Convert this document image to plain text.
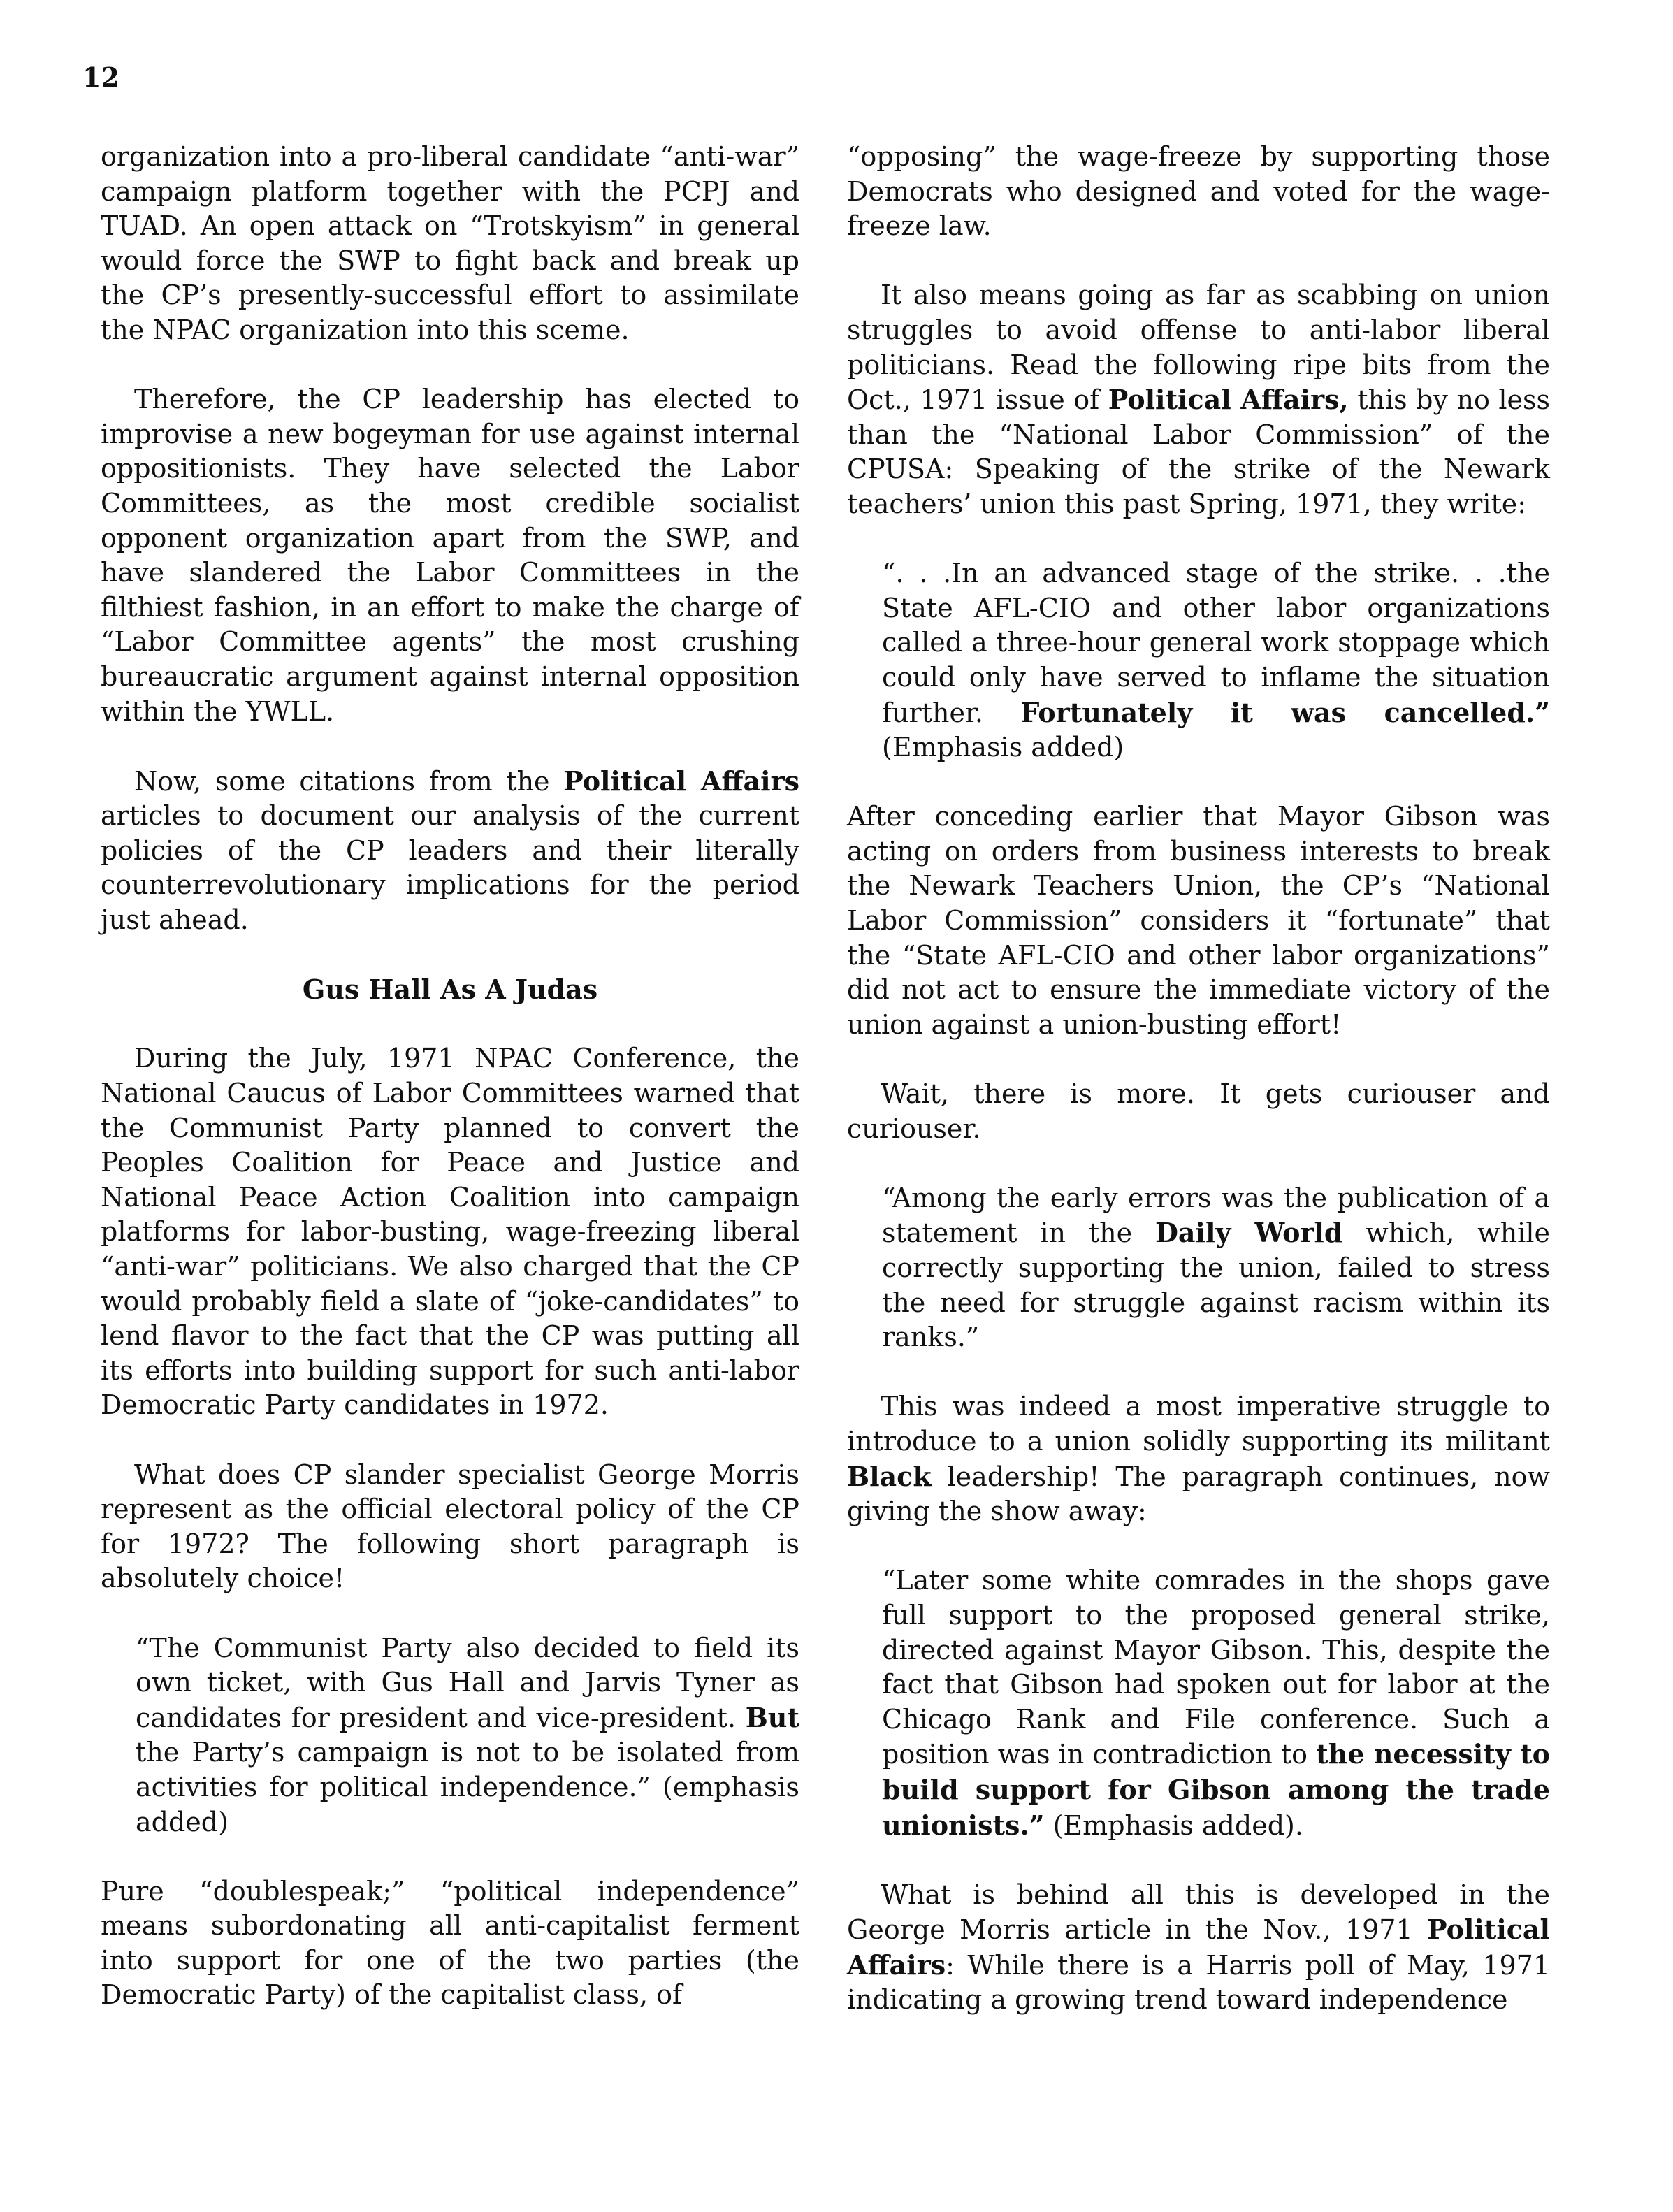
12

organization into a pro-liberal candidate “anti-war” campaign platform together with the PCPJ and TUAD. An open attack on “Trotskyism” in general would force the SWP to fight back and break up the CP’s presently-successful effort to assimilate the NPAC organization into this sceme.

Therefore, the CP leadership has elected to improvise a new bogeyman for use against internal oppositionists. They have selected the Labor Committees, as the most credible socialist opponent organization apart from the SWP, and have slandered the Labor Committees in the filthiest fashion, in an effort to make the charge of “Labor Committee agents” the most crushing bureaucratic argument against internal opposition within the YWLL.

Now, some citations from the Political Affairs articles to document our analysis of the current policies of the CP leaders and their literally counterrevolutionary implications for the period just ahead.

Gus Hall As A Judas

During the July, 1971 NPAC Conference, the National Caucus of Labor Committees warned that the Communist Party planned to convert the Peoples Coalition for Peace and Justice and National Peace Action Coalition into campaign platforms for labor-busting, wage-freezing liberal “anti-war” politicians. We also charged that the CP would probably field a slate of “joke-candidates” to lend flavor to the fact that the CP was putting all its efforts into building support for such anti-labor Democratic Party candidates in 1972.

What does CP slander specialist George Morris represent as the official electoral policy of the CP for 1972? The following short paragraph is absolutely choice!

“The Communist Party also decided to field its own ticket, with Gus Hall and Jarvis Tyner as candidates for president and vice-president. But the Party’s campaign is not to be isolated from activities for political independence.” (emphasis added)

Pure “doublespeak;” “political independence” means subordonating all anti-capitalist ferment into support for one of the two parties (the Democratic Party) of the capitalist class, of

“opposing” the wage-freeze by supporting those Democrats who designed and voted for the wage-freeze law.

It also means going as far as scabbing on union struggles to avoid offense to anti-labor liberal politicians. Read the following ripe bits from the Oct., 1971 issue of Political Affairs, this by no less than the “National Labor Commission” of the CPUSA: Speaking of the strike of the Newark teachers’ union this past Spring, 1971, they write:

“. . .In an advanced stage of the strike. . .the State AFL-CIO and other labor organizations called a three-hour general work stoppage which could only have served to inflame the situation further. Fortunately it was cancelled.” (Emphasis added)

After conceding earlier that Mayor Gibson was acting on orders from business interests to break the Newark Teachers Union, the CP’s “National Labor Commission” considers it “fortunate” that the “State AFL-CIO and other labor organizations” did not act to ensure the immediate victory of the union against a union-busting effort!

Wait, there is more. It gets curiouser and curiouser.

“Among the early errors was the publication of a statement in the Daily World which, while correctly supporting the union, failed to stress the need for struggle against racism within its ranks.”

This was indeed a most imperative struggle to introduce to a union solidly supporting its militant Black leadership! The paragraph continues, now giving the show away:

“Later some white comrades in the shops gave full support to the proposed general strike, directed against Mayor Gibson. This, despite the fact that Gibson had spoken out for labor at the Chicago Rank and File conference. Such a position was in contradiction to the necessity to build support for Gibson among the trade unionists.” (Emphasis added).

What is behind all this is developed in the George Morris article in the Nov., 1971 Political Affairs: While there is a Harris poll of May, 1971 indicating a growing trend toward independence
